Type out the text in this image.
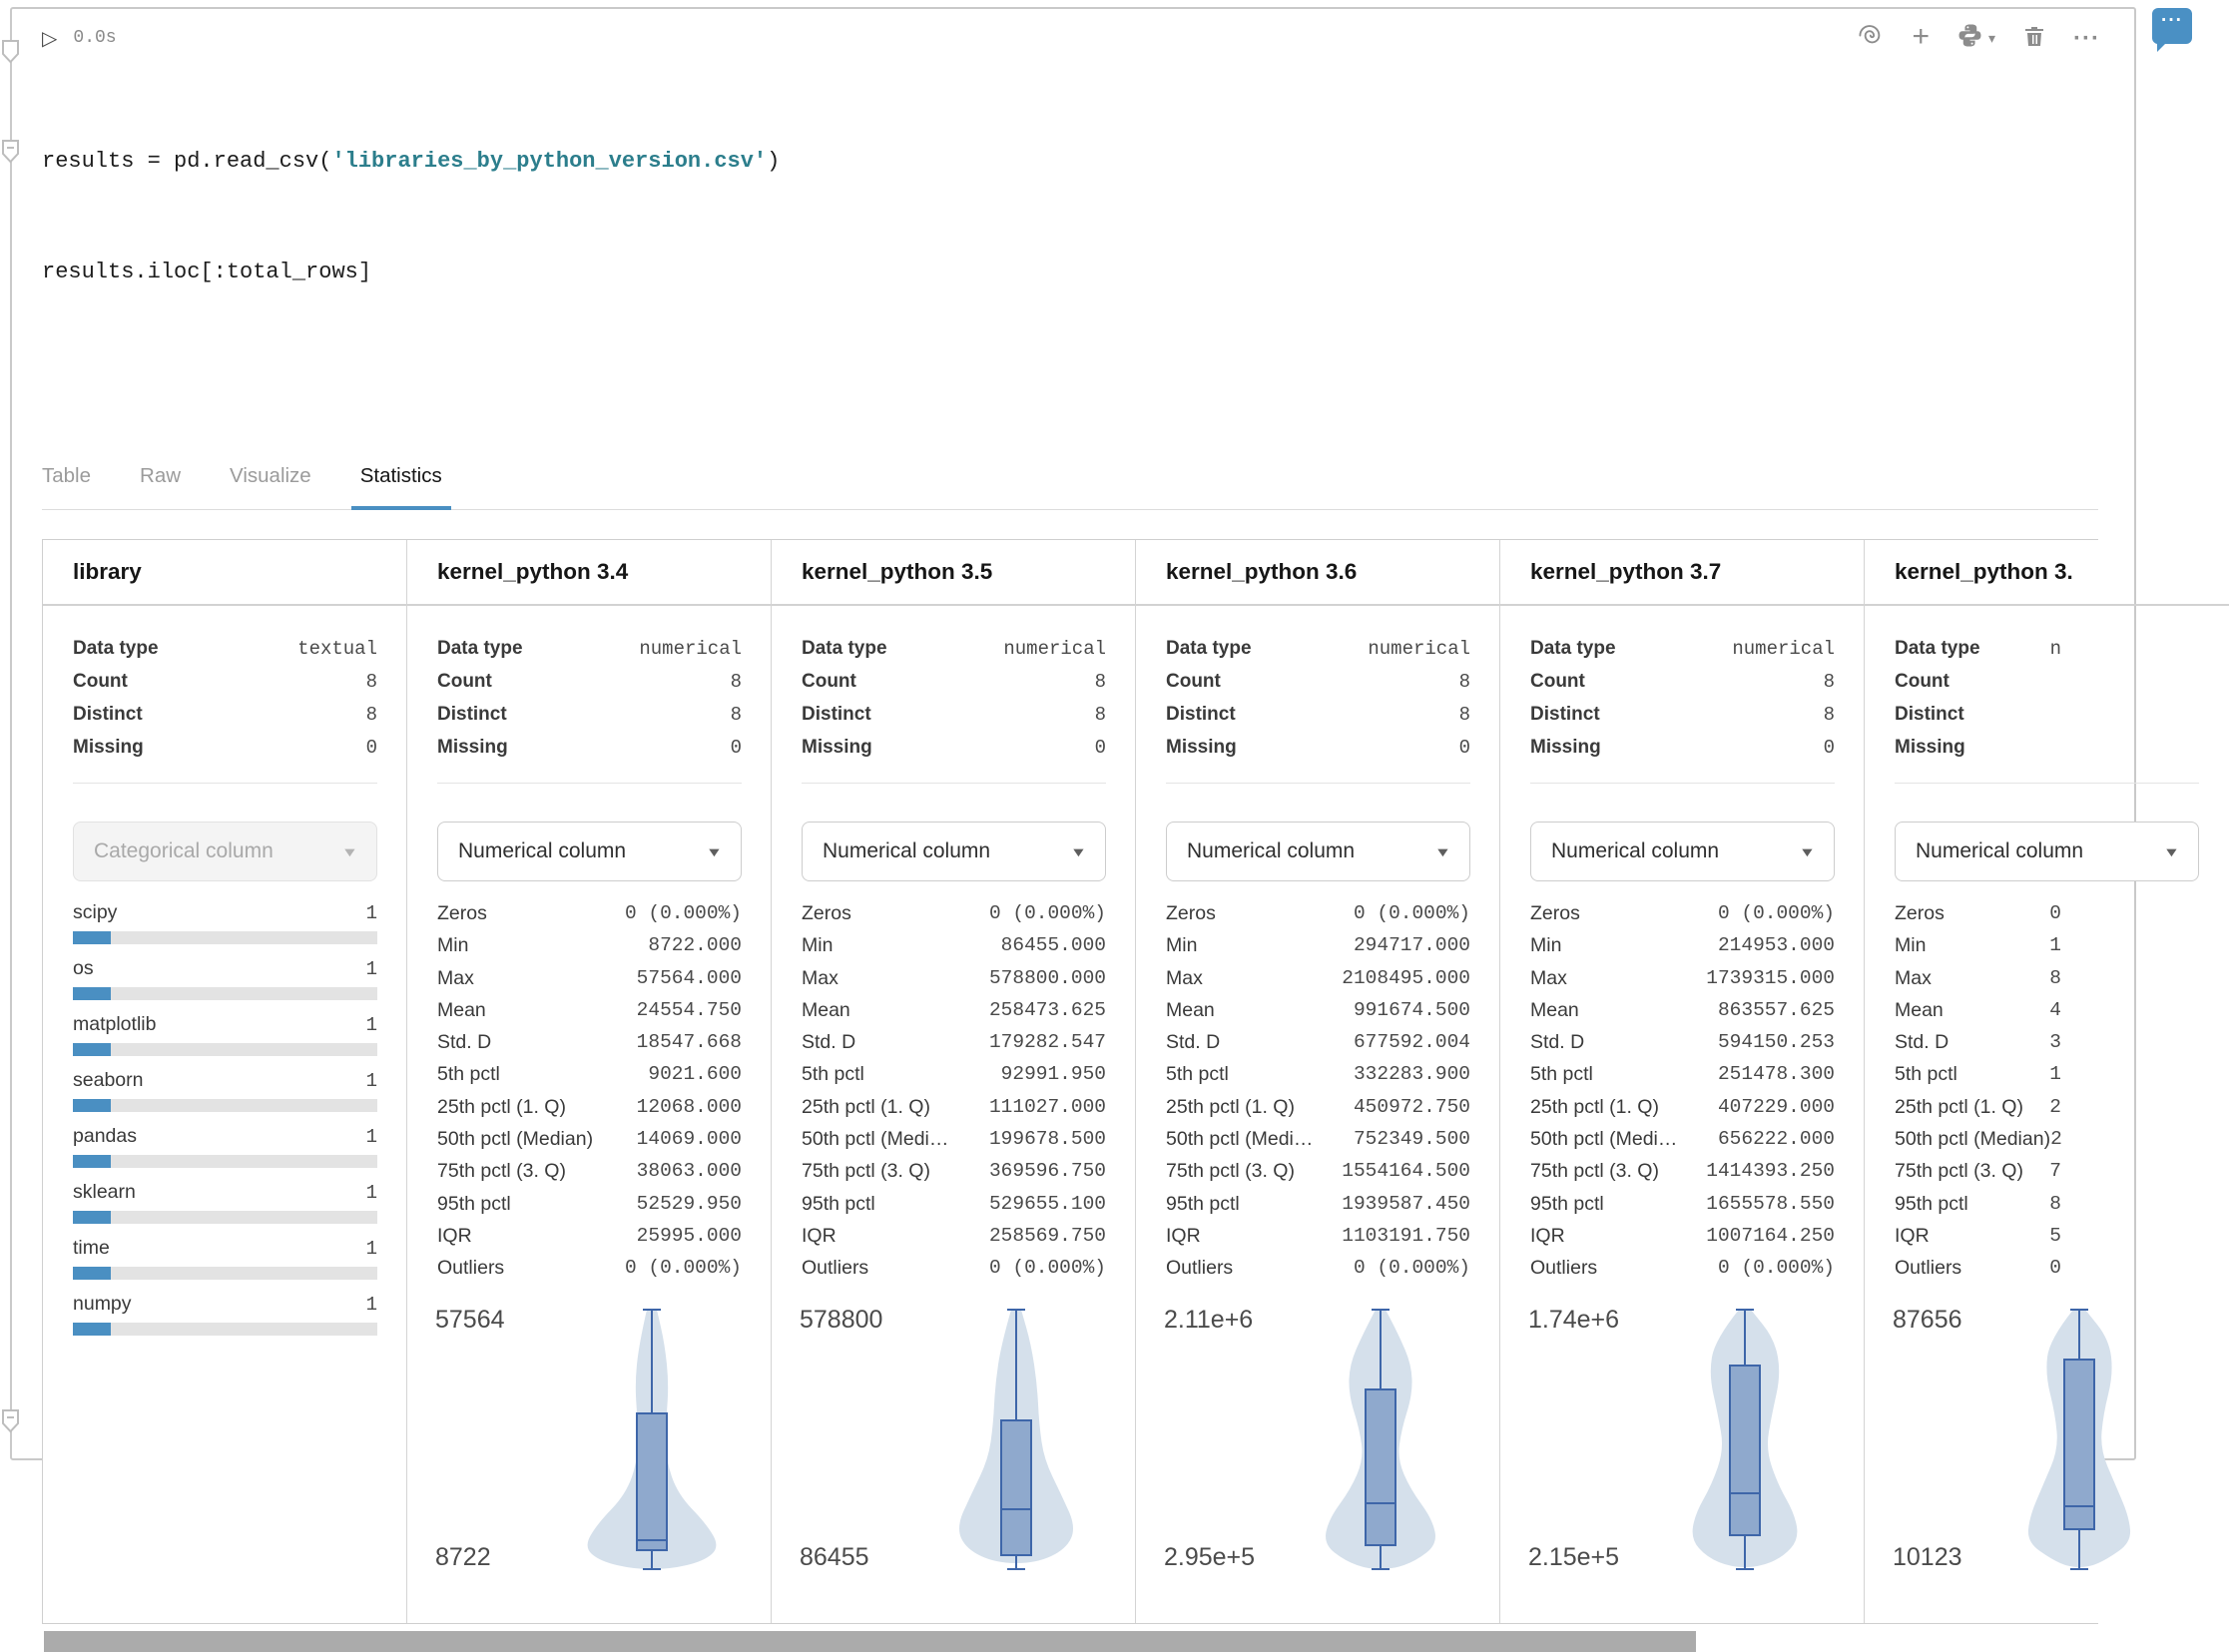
▷ 0.0s	+	▾	···

results = pd.read_csv('libraries_by_python_version.csv')

results.iloc[:total_rows]

Table Raw Visualize Statistics
library
Data type	textual
Count	8
Distinct	8
Missing	0
Categorical column	▼
scipy	1
os	1
matplotlib	1
seaborn	1
pandas	1
sklearn	1
time	1
numpy	1
kernel_python 3.4
Data type	numerical
Count	8
Distinct	8
Missing	0
Numerical column	▼
Zeros	0 (0.000%)
Min	8722.000
Max	57564.000
Mean	24554.750
Std. D	18547.668
5th pctl	9021.600
25th pctl (1. Q)	12068.000
50th pctl (Median) 14069.000
75th pctl (3. Q)	38063.000
95th pctl	52529.950
IQR	25995.000
Outliers	0 (0.000%)
57564
8722
kernel_python 3.5
Data type	numerical
Count	8
Distinct	8
Missing	0
Numerical column	▼
Zeros	0 (0.000%)
Min	86455.000
Max	578800.000
Mean	258473.625
Std. D	179282.547
5th pctl	92991.950
25th pctl (1. Q)	111027.000
50th pctl (Medi… 199678.500
75th pctl (3. Q)	369596.750
95th pctl	529655.100
IQR	258569.750
Outliers	0 (0.000%)
578800
86455
kernel_python 3.6
Data type	numerical
Count	8
Distinct	8
Missing	0
Numerical column	▼
Zeros	0 (0.000%)
Min	294717.000
Max	2108495.000
Mean	991674.500
Std. D	677592.004
5th pctl	332283.900
25th pctl (1. Q)	450972.750
50th pctl (Medi… 752349.500
75th pctl (3. Q) 1554164.500
95th pctl	1939587.450
IQR	1103191.750
Outliers	0 (0.000%)
2.11e+6
2.95e+5
kernel_python 3.7
Data type	numerical
Count	8
Distinct	8
Missing	0
Numerical column	▼
Zeros	0 (0.000%)
Min	214953.000
Max	1739315.000
Mean	863557.625
Std. D	594150.253
5th pctl	251478.300
25th pctl (1. Q)	407229.000
50th pctl (Medi… 656222.000
75th pctl (3. Q) 1414393.250
95th pctl	1655578.550
IQR	1007164.250
Outliers	0 (0.000%)
1.74e+6
2.15e+5
kernel_python 3.
Data type	n
Count
Distinct
Missing
Numerical column	▼
Zeros	0
Min	1
Max	8
Mean	4
Std. D	3
5th pctl	1
25th pctl (1. Q) 2
50th pctl (Median) 2
75th pctl (3. Q) 7
95th pctl	8
IQR	5
Outliers	0
87656
10123
···
